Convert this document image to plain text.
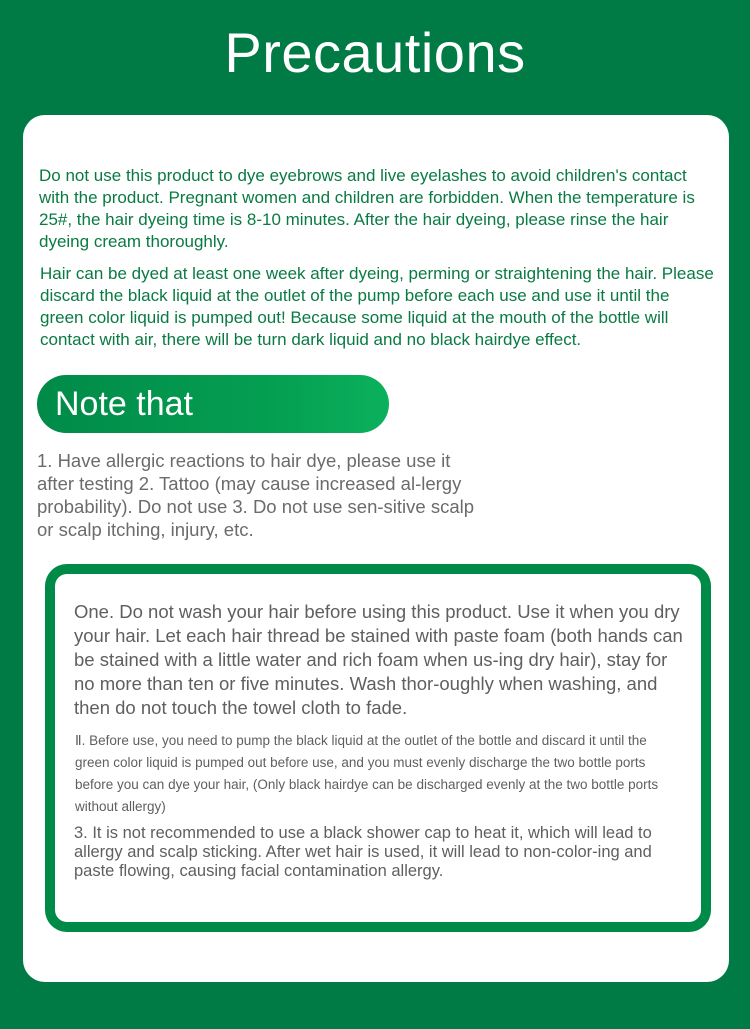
Precautions

Do not use this product to dye eyebrows and live eyelashes to avoid children's contact with the product. Pregnant women and children are forbidden. When the temperature is 25#, the hair dyeing time is 8-10 minutes. After the hair dyeing, please rinse the hair dyeing cream thoroughly.

Hair can be dyed at least one week after dyeing, perming or straightening the hair. Please discard the black liquid at the outlet of the pump before each use and use it until the green color liquid is pumped out! Because some liquid at the mouth of the bottle will contact with air, there will be turn dark liquid and no black hairdye effect.

Note that

1. Have allergic reactions to hair dye, please use it after testing 2. Tattoo (may cause increased al-lergy probability). Do not use 3. Do not use sen-sitive scalp or scalp itching, injury, etc.

One. Do not wash your hair before using this product. Use it when you dry your hair. Let each hair thread be stained with paste foam (both hands can be stained with a little water and rich foam when us-ing dry hair), stay for no more than ten or five minutes. Wash thor-oughly when washing, and then do not touch the towel cloth to fade.

Ⅱ. Before use, you need to pump the black liquid at the outlet of the bottle and discard it until the green color liquid is pumped out before use, and you must evenly discharge the two bottle ports before you can dye your hair, (Only black hairdye can be discharged evenly at the two bottle ports without allergy)

3. It is not recommended to use a black shower cap to heat it, which will lead to allergy and scalp sticking. After wet hair is used, it will lead to non-color-ing and paste flowing, causing facial contamination allergy.
